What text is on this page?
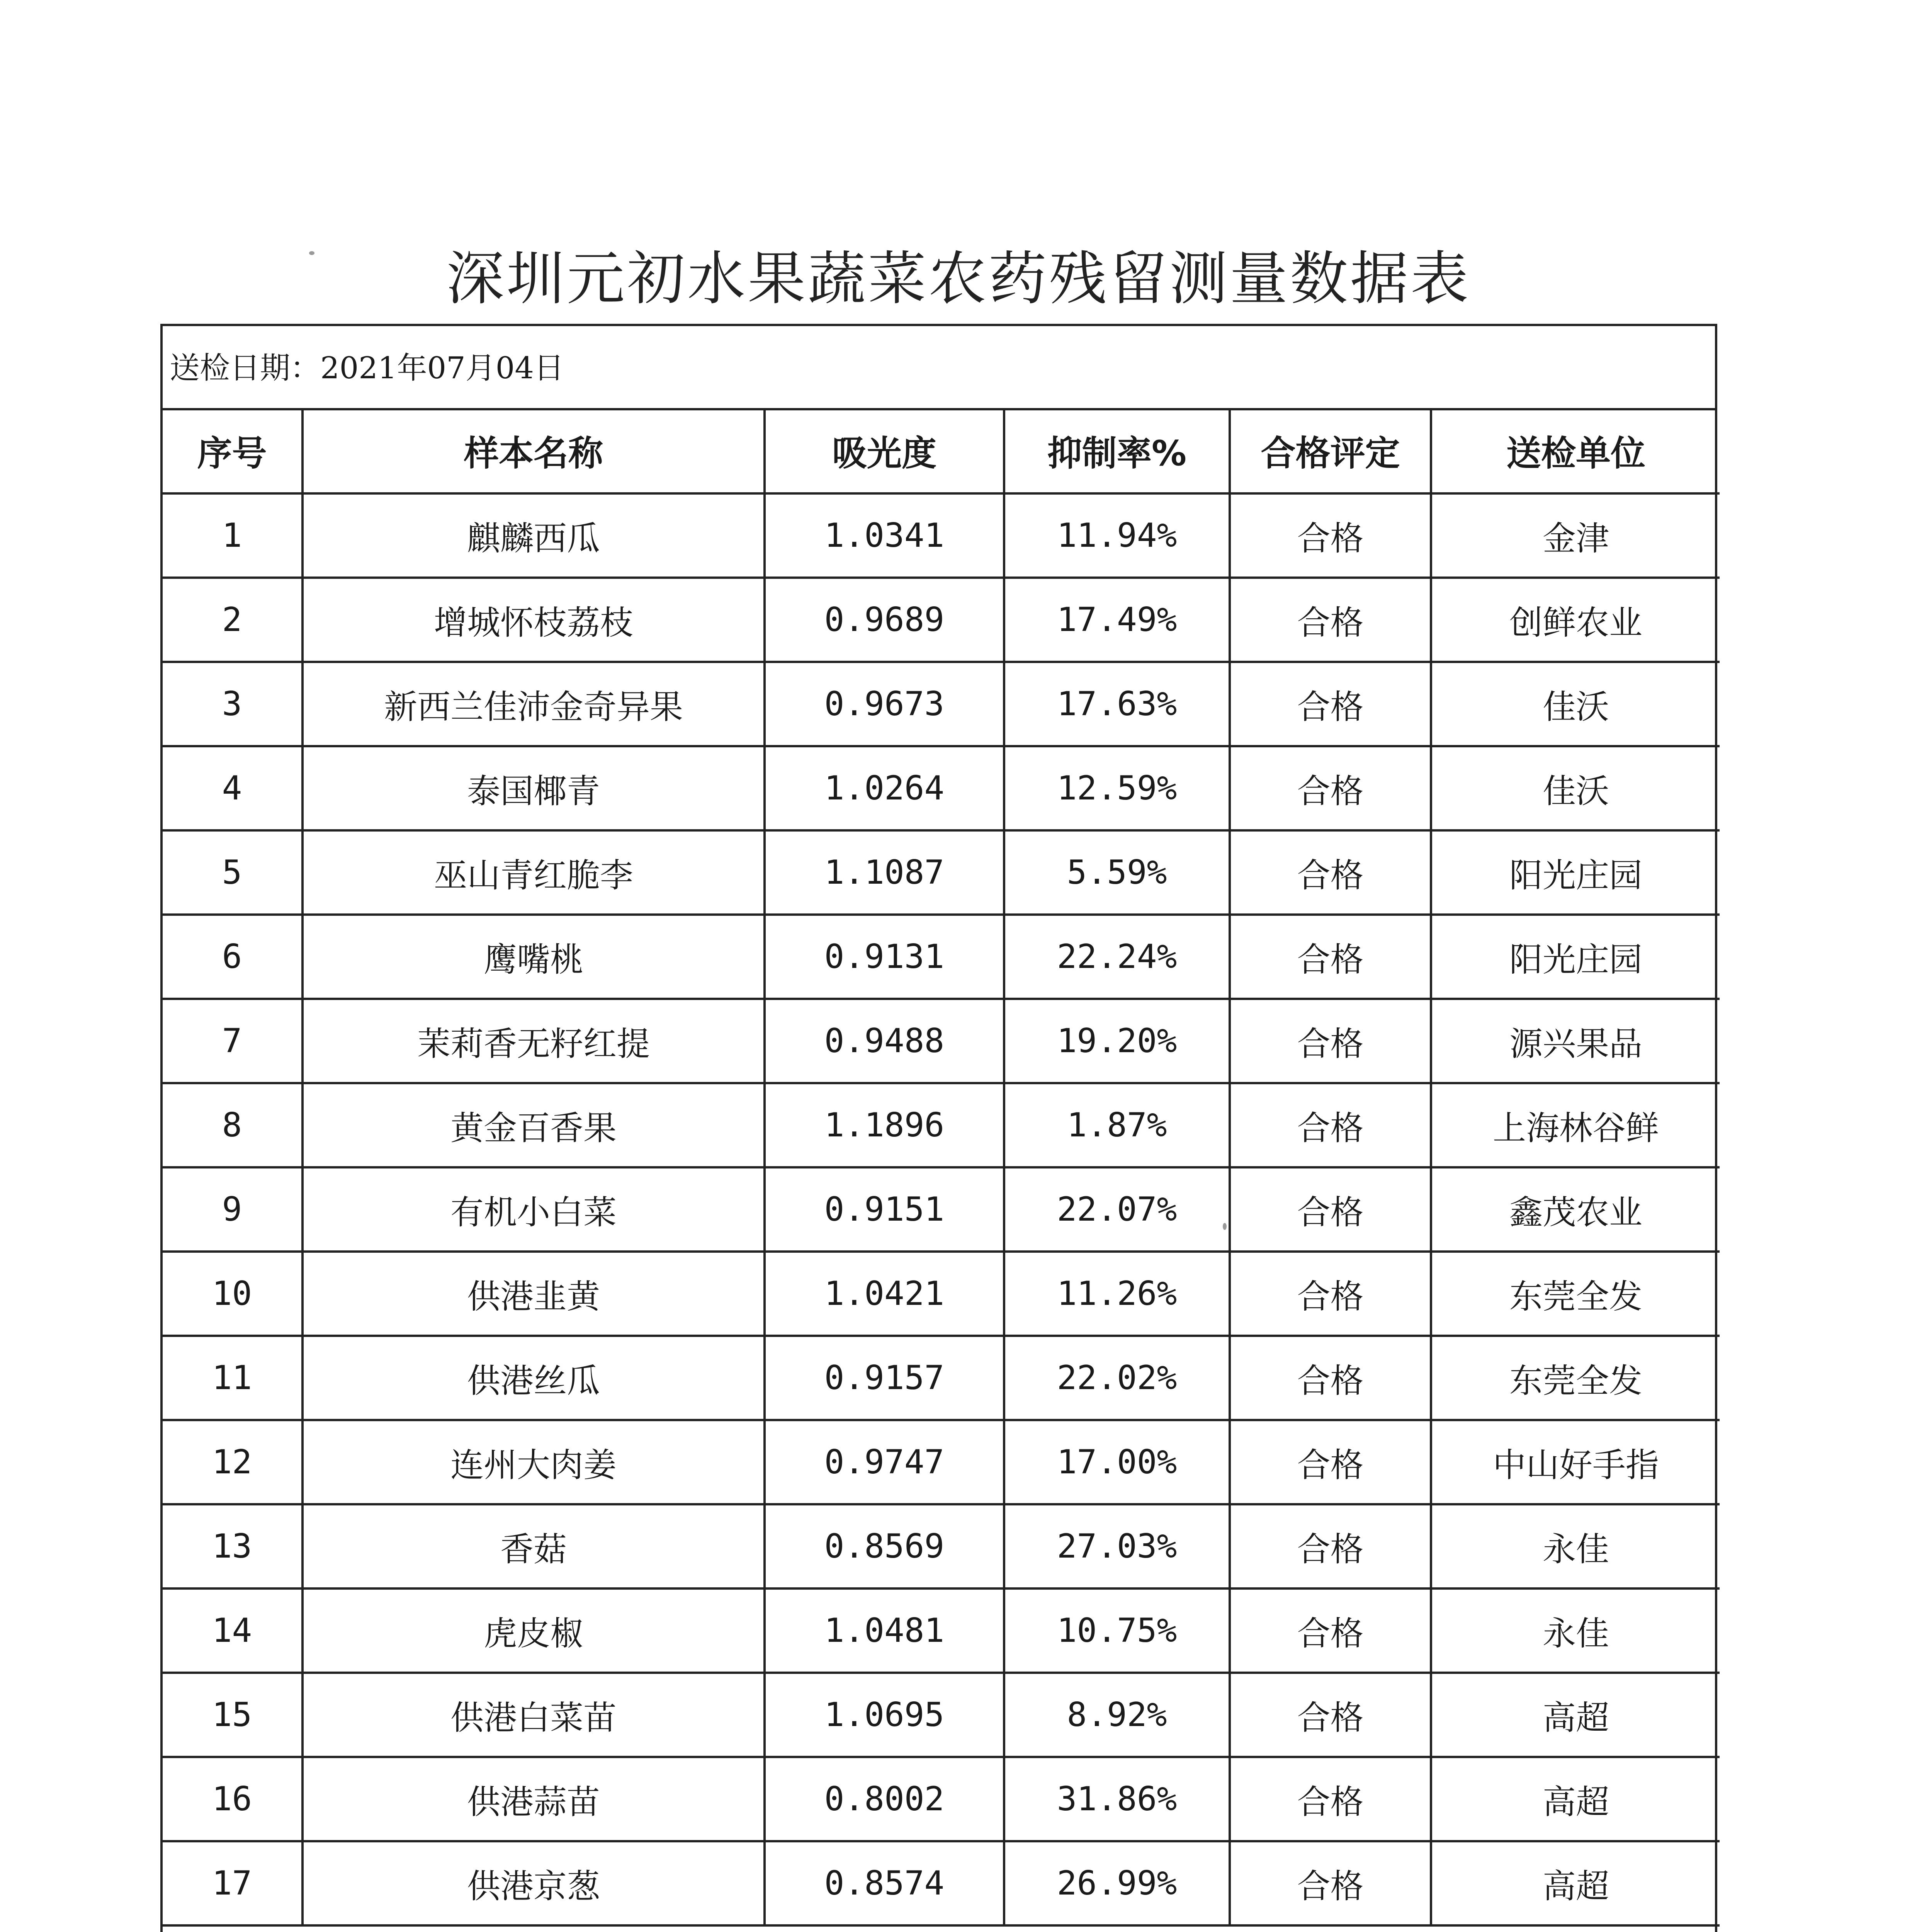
深圳元初水果蔬菜农药残留测量数据表
送检日期：2021年07月04日
序号	样本名称	吸光度	抑制率%	合格评定	送检单位
1	麒麟西瓜	1.0341	11.94%	合格	金津
2	增城怀枝荔枝	0.9689	17.49%	合格	创鲜农业
3	新西兰佳沛金奇异果	0.9673	17.63%	合格	佳沃
4	泰国椰青	1.0264	12.59%	合格	佳沃
5	巫山青红脆李	1.1087	5.59%	合格	阳光庄园
6	鹰嘴桃	0.9131	22.24%	合格	阳光庄园
7	茉莉香无籽红提	0.9488	19.20%	合格	源兴果品
8	黄金百香果	1.1896	1.87%	合格	上海林谷鲜
9	有机小白菜	0.9151	22.07%	合格	鑫茂农业
10	供港韭黄	1.0421	11.26%	合格	东莞全发
11	供港丝瓜	0.9157	22.02%	合格	东莞全发
12	连州大肉姜	0.9747	17.00%	合格	中山好手指
13	香菇	0.8569	27.03%	合格	永佳
14	虎皮椒	1.0481	10.75%	合格	永佳
15	供港白菜苗	1.0695	8.92%	合格	高超
16	供港蒜苗	0.8002	31.86%	合格	高超
17	供港京葱	0.8574	26.99%	合格	高超
